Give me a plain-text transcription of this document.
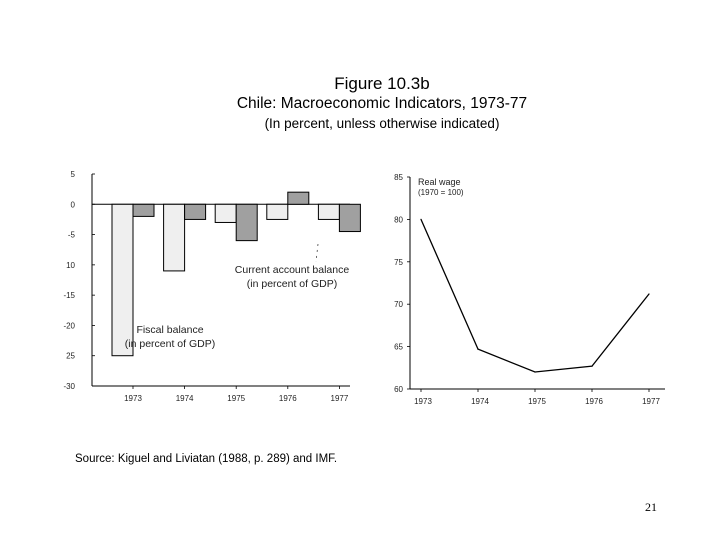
Figure 10.3b
Chile: Macroeconomic Indicators, 1973-77
(In percent, unless otherwise indicated)
5
0
-5
10
-15
-20
25
-30
1973	1974	1975	1976	1977
Fiscal balance
(in percent of GDP)
Current account balance
(in percent of GDP)
85
80
75
70
65
60
1973	1974	1975	1976	1977
Real wage
(1970 = 100)
Source: Kiguel and Liviatan (1988, p. 289) and IMF.
21
